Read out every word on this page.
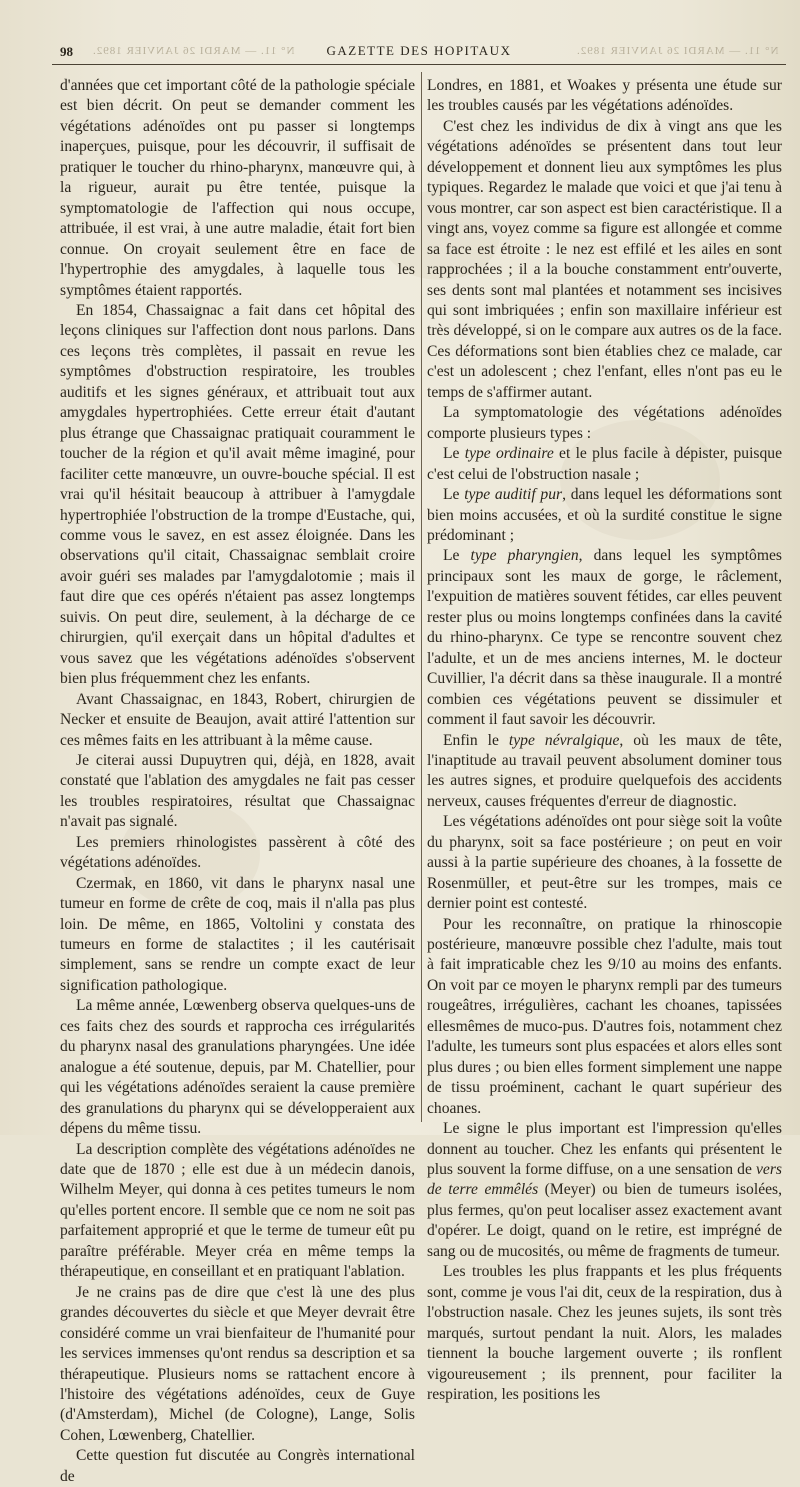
98 N° 11. — MARDI 26 JANVIER 1892.	GAZETTE DES HOPITAUX	N° 11. — MARDI 26 JANVIER 1892.

d'années que cet important côté de la pathologie spéciale est bien décrit. On peut se demander comment les végétations adénoïdes ont pu passer si longtemps inaperçues, puisque, pour les découvrir, il suffisait de pratiquer le toucher du rhino-pharynx, manœuvre qui, à la rigueur, aurait pu être tentée, puisque la symptomatologie de l'affection qui nous occupe, attribuée, il est vrai, à une autre maladie, était fort bien connue. On croyait seulement être en face de l'hypertrophie des amygdales, à laquelle tous les symptômes étaient rapportés.

En 1854, Chassaignac a fait dans cet hôpital des leçons cliniques sur l'affection dont nous parlons. Dans ces leçons très complètes, il passait en revue les symptômes d'obstruction respiratoire, les troubles auditifs et les signes généraux, et attribuait tout aux amygdales hypertrophiées. Cette erreur était d'autant plus étrange que Chassaignac pratiquait couramment le toucher de la région et qu'il avait même imaginé, pour faciliter cette manœuvre, un ouvre-bouche spécial. Il est vrai qu'il hésitait beaucoup à attribuer à l'amygdale hypertrophiée l'obstruction de la trompe d'Eustache, qui, comme vous le savez, en est assez éloignée. Dans les observations qu'il citait, Chassaignac semblait croire avoir guéri ses malades par l'amygdalotomie ; mais il faut dire que ces opérés n'étaient pas assez longtemps suivis. On peut dire, seulement, à la décharge de ce chirurgien, qu'il exerçait dans un hôpital d'adultes et vous savez que les végétations adénoïdes s'observent bien plus fréquemment chez les enfants.

Avant Chassaignac, en 1843, Robert, chirurgien de Necker et ensuite de Beaujon, avait attiré l'attention sur ces mêmes faits en les attribuant à la même cause.

Je citerai aussi Dupuytren qui, déjà, en 1828, avait constaté que l'ablation des amygdales ne fait pas cesser les troubles respiratoires, résultat que Chassaignac n'avait pas signalé.

Les premiers rhinologistes passèrent à côté des végétations adénoïdes.

Czermak, en 1860, vit dans le pharynx nasal une tumeur en forme de crête de coq, mais il n'alla pas plus loin. De même, en 1865, Voltolini y constata des tumeurs en forme de stalactites ; il les cautérisait simplement, sans se rendre un compte exact de leur signification pathologique.

La même année, Lœwenberg observa quelques-uns de ces faits chez des sourds et rapprocha ces irrégularités du pharynx nasal des granulations pharyngées. Une idée analogue a été soutenue, depuis, par M. Chatellier, pour qui les végétations adénoïdes seraient la cause première des granulations du pharynx qui se développeraient aux dépens du même tissu.

La description complète des végétations adénoïdes ne date que de 1870 ; elle est due à un médecin danois, Wilhelm Meyer, qui donna à ces petites tumeurs le nom qu'elles portent encore. Il semble que ce nom ne soit pas parfaitement approprié et que le terme de tumeur eût pu paraître préférable. Meyer créa en même temps la thérapeutique, en conseillant et en pratiquant l'ablation.

Je ne crains pas de dire que c'est là une des plus grandes découvertes du siècle et que Meyer devrait être considéré comme un vrai bienfaiteur de l'humanité pour les services immenses qu'ont rendus sa description et sa thérapeutique. Plusieurs noms se rattachent encore à l'histoire des végétations adénoïdes, ceux de Guye (d'Amsterdam), Michel (de Cologne), Lange, Solis Cohen, Lœwenberg, Chatellier.

Cette question fut discutée au Congrès international de

Londres, en 1881, et Woakes y présenta une étude sur les troubles causés par les végétations adénoïdes.

C'est chez les individus de dix à vingt ans que les végétations adénoïdes se présentent dans tout leur développement et donnent lieu aux symptômes les plus typiques. Regardez le malade que voici et que j'ai tenu à vous montrer, car son aspect est bien caractéristique. Il a vingt ans, voyez comme sa figure est allongée et comme sa face est étroite : le nez est effilé et les ailes en sont rapprochées ; il a la bouche constamment entr'ouverte, ses dents sont mal plantées et notamment ses incisives qui sont imbriquées ; enfin son maxillaire inférieur est très développé, si on le compare aux autres os de la face. Ces déformations sont bien établies chez ce malade, car c'est un adolescent ; chez l'enfant, elles n'ont pas eu le temps de s'affirmer autant.

La symptomatologie des végétations adénoïdes comporte plusieurs types :

Le type ordinaire et le plus facile à dépister, puisque c'est celui de l'obstruction nasale ;

Le type auditif pur, dans lequel les déformations sont bien moins accusées, et où la surdité constitue le signe prédominant ;

Le type pharyngien, dans lequel les symptômes principaux sont les maux de gorge, le râclement, l'expuition de matières souvent fétides, car elles peuvent rester plus ou moins longtemps confinées dans la cavité du rhino-pharynx. Ce type se rencontre souvent chez l'adulte, et un de mes anciens internes, M. le docteur Cuvillier, l'a décrit dans sa thèse inaugurale. Il a montré combien ces végétations peuvent se dissimuler et comment il faut savoir les découvrir.

Enfin le type névralgique, où les maux de tête, l'inaptitude au travail peuvent absolument dominer tous les autres signes, et produire quelquefois des accidents nerveux, causes fréquentes d'erreur de diagnostic.

Les végétations adénoïdes ont pour siège soit la voûte du pharynx, soit sa face postérieure ; on peut en voir aussi à la partie supérieure des choanes, à la fossette de Rosenmüller, et peut-être sur les trompes, mais ce dernier point est contesté.

Pour les reconnaître, on pratique la rhinoscopie postérieure, manœuvre possible chez l'adulte, mais tout à fait impraticable chez les 9/10 au moins des enfants. On voit par ce moyen le pharynx rempli par des tumeurs rougeâtres, irrégulières, cachant les choanes, tapissées ellesmêmes de muco-pus. D'autres fois, notamment chez l'adulte, les tumeurs sont plus espacées et alors elles sont plus dures ; ou bien elles forment simplement une nappe de tissu proéminent, cachant le quart supérieur des choanes.

Le signe le plus important est l'impression qu'elles donnent au toucher. Chez les enfants qui présentent le plus souvent la forme diffuse, on a une sensation de vers de terre emmêlés (Meyer) ou bien de tumeurs isolées, plus fermes, qu'on peut localiser assez exactement avant d'opérer. Le doigt, quand on le retire, est imprégné de sang ou de mucosités, ou même de fragments de tumeur.

Les troubles les plus frappants et les plus fréquents sont, comme je vous l'ai dit, ceux de la respiration, dus à l'obstruction nasale. Chez les jeunes sujets, ils sont très marqués, surtout pendant la nuit. Alors, les malades tiennent la bouche largement ouverte ; ils ronflent vigoureusement ; ils prennent, pour faciliter la respiration, les positions les
